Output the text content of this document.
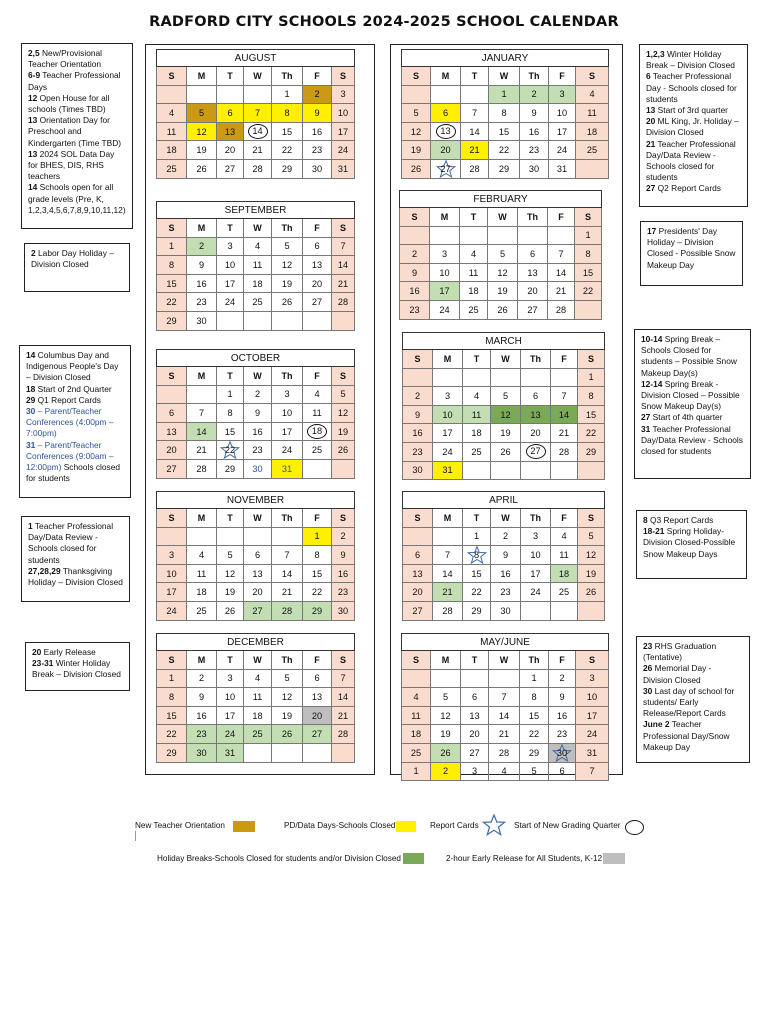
RADFORD CITY SCHOOLS 2024-2025 SCHOOL CALENDAR
AUGUST						
S	M	T	W	Th	F	S
				1	2	3
4	5	6	7	8	9	10
11	12	13	14	15	16	17
18	19	20	21	22	23	24
25	26	27	28	29	30	31
SEPTEMBER						
S	M	T	W	Th	F	S
1	2	3	4	5	6	7
8	9	10	11	12	13	14
15	16	17	18	19	20	21
22	23	24	25	26	27	28
29	30					
OCTOBER						
S	M	T	W	Th	F	S
		1	2	3	4	5
6	7	8	9	10	11	12
13	14	15	16	17	18	19
20	21	22	23	24	25	26
27	28	29	30	31		
NOVEMBER						
S	M	T	W	Th	F	S
					1	2
3	4	5	6	7	8	9
10	11	12	13	14	15	16
17	18	19	20	21	22	23
24	25	26	27	28	29	30
DECEMBER						
S	M	T	W	Th	F	S
1	2	3	4	5	6	7
8	9	10	11	12	13	14
15	16	17	18	19	20	21
22	23	24	25	26	27	28
29	30	31				
JANUARY						
S	M	T	W	Th	F	S
			1	2	3	4
5	6	7	8	9	10	11
12	13	14	15	16	17	18
19	20	21	22	23	24	25
26	27	28	29	30	31	
FEBRUARY						
S	M	T	W	Th	F	S
						1
2	3	4	5	6	7	8
9	10	11	12	13	14	15
16	17	18	19	20	21	22
23	24	25	26	27	28	
MARCH						
S	M	T	W	Th	F	S
						1
2	3	4	5	6	7	8
9	10	11	12	13	14	15
16	17	18	19	20	21	22
23	24	25	26	27	28	29
30	31					
APRIL						
S	M	T	W	Th	F	S
		1	2	3	4	5
6	7	8	9	10	11	12
13	14	15	16	17	18	19
20	21	22	23	24	25	26
27	28	29	30			
MAY/JUNE						
S	M	T	W	Th	F	S
				1	2	3
4	5	6	7	8	9	10
11	12	13	14	15	16	17
18	19	20	21	22	23	24
25	26	27	28	29	30	31
1	2	3	4	5	6	7

2,5 New/Provisional Teacher Orientation

6-9 Teacher Professional Days

12 Open House for all schools (Times TBD)

13 Orientation Day for Preschool and Kindergarten (Time TBD)

13 2024 SOL Data Day for BHES, DIS, RHS teachers

14 Schools open for all grade levels (Pre, K, 1,2,3,4,5,6,7,8,9,10,11,12)

2 Labor Day Holiday – Division Closed

14 Columbus Day and Indigenous People's Day – Division Closed

18 Start of 2nd Quarter

29 Q1 Report Cards

30 – Parent/Teacher Conferences (4:00pm – 7:00pm)

31 – Parent/Teacher Conferences (9:00am – 12:00pm) Schools closed for students

1 Teacher Professional Day/Data Review - Schools closed for students

27,28,29 Thanksgiving Holiday – Division Closed

20 Early Release

23-31 Winter Holiday Break – Division Closed

1,2,3 Winter Holiday Break – Division Closed

6 Teacher Professional Day - Schools closed for students

13 Start of 3rd quarter

20 ML King, Jr. Holiday – Division Closed

21 Teacher Professional Day/Data Review - Schools closed for students

27 Q2 Report Cards

17 Presidents' Day Holiday – Division Closed - Possible Snow Makeup Day

10-14 Spring Break – Schools Closed for students – Possible Snow Makeup Day(s)

12-14 Spring Break - Division Closed – Possible Snow Makeup Day(s)

27 Start of 4th quarter

31 Teacher Professional Day/Data Review - Schools closed for students

8 Q3 Report Cards

18-21 Spring Holiday-Division Closed-Possible Snow Makeup Days

23 RHS Graduation (Tentative)

26 Memorial Day - Division Closed

30 Last day of school for students/ Early Release/Report Cards

June 2 Teacher Professional Day/Snow Makeup Day

New Teacher Orientation	PD/Data Days-Schools Closed	Report Cards	Start of New Grading Quarter
Holiday Breaks-Schools Closed for students and/or Division Closed	2-hour Early Release for All Students, K-12
